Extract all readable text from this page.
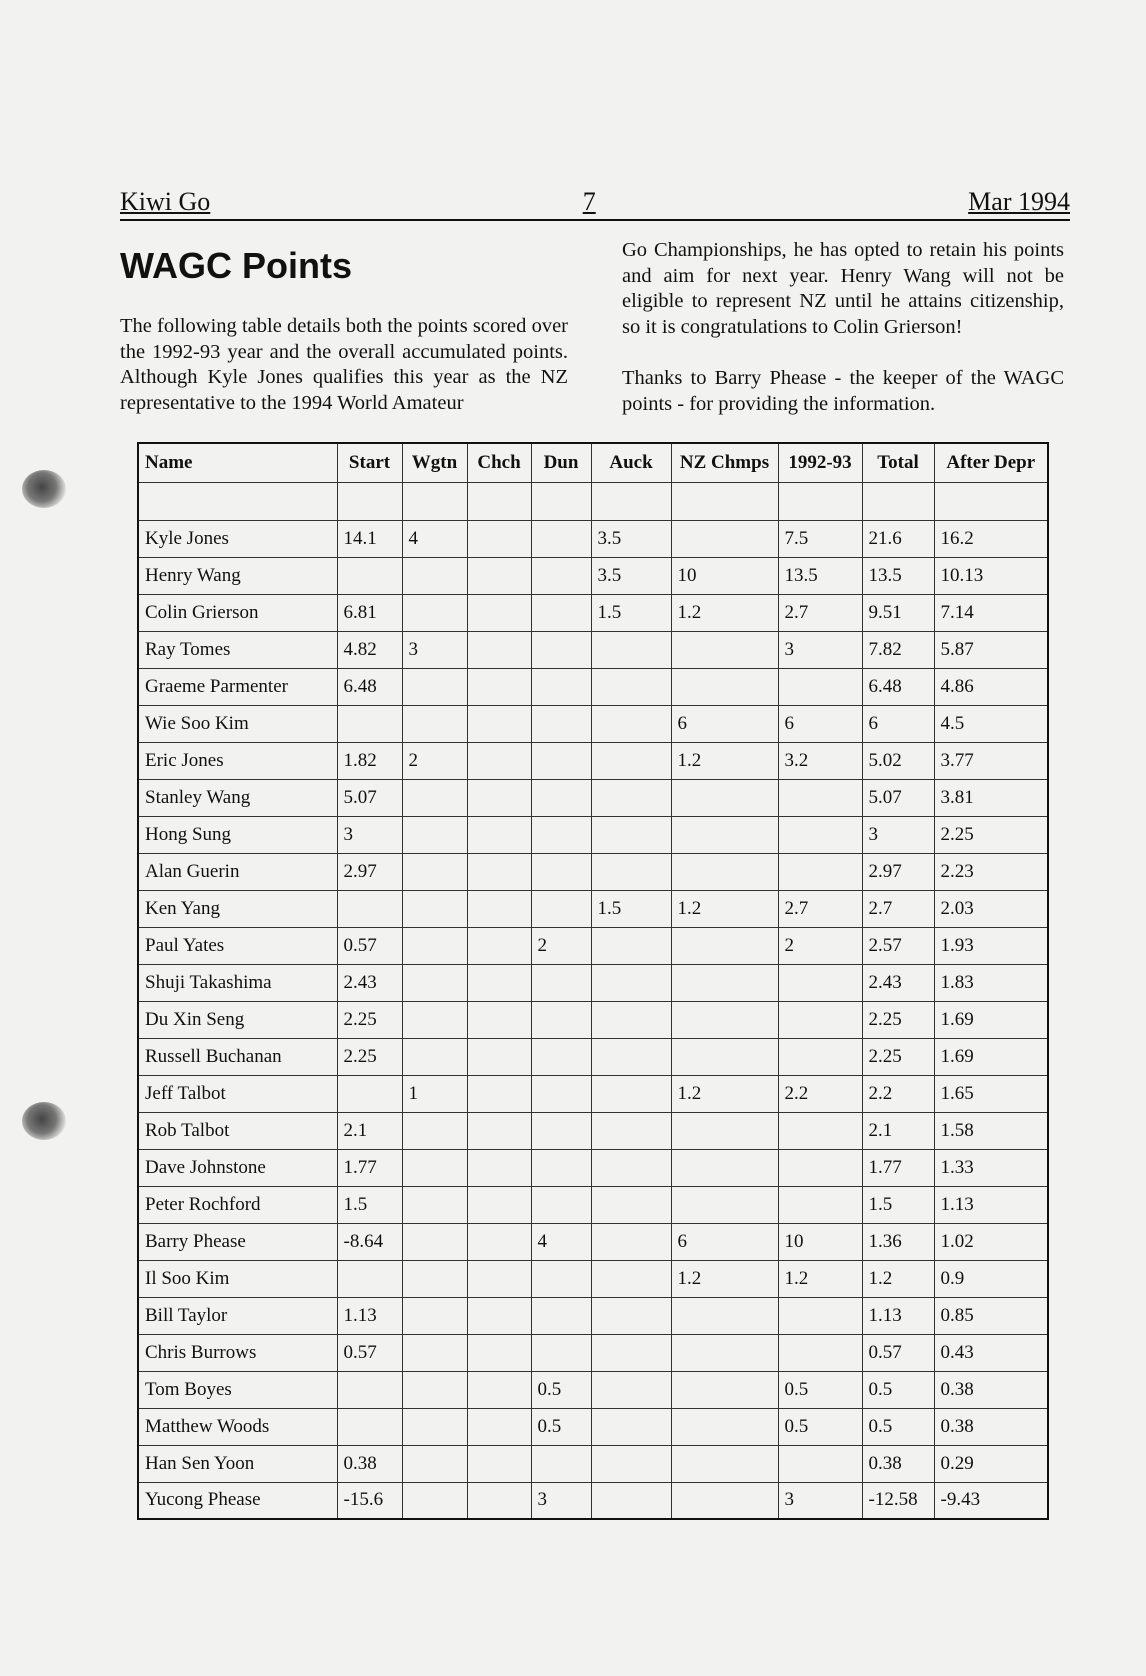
Kiwi Go	7	Mar 1994
WAGC Points
The following table details both the points scored over the 1992-93 year and the overall accumulated points. Although Kyle Jones qualifies this year as the NZ representative to the 1994 World Amateur
Go Championships, he has opted to retain his points and aim for next year. Henry Wang will not be eligible to represent NZ until he attains citizenship, so it is congratulations to Colin Grierson!
Thanks to Barry Phease - the keeper of the WAGC points - for providing the information.
Name	Start	Wgtn	Chch	Dun	Auck	NZ Chmps	1992-93	Total	After Depr

Kyle Jones	14.1	4			3.5		7.5	21.6	16.2
Henry Wang					3.5	10	13.5	13.5	10.13
Colin Grierson	6.81				1.5	1.2	2.7	9.51	7.14
Ray Tomes	4.82	3					3	7.82	5.87
Graeme Parmenter	6.48							6.48	4.86
Wie Soo Kim						6	6	6	4.5
Eric Jones	1.82	2				1.2	3.2	5.02	3.77
Stanley Wang	5.07							5.07	3.81
Hong Sung	3							3	2.25
Alan Guerin	2.97							2.97	2.23
Ken Yang					1.5	1.2	2.7	2.7	2.03
Paul Yates	0.57			2			2	2.57	1.93
Shuji Takashima	2.43							2.43	1.83
Du Xin Seng	2.25							2.25	1.69
Russell Buchanan	2.25							2.25	1.69
Jeff Talbot		1				1.2	2.2	2.2	1.65
Rob Talbot	2.1							2.1	1.58
Dave Johnstone	1.77							1.77	1.33
Peter Rochford	1.5							1.5	1.13
Barry Phease	-8.64			4		6	10	1.36	1.02
Il Soo Kim						1.2	1.2	1.2	0.9
Bill Taylor	1.13							1.13	0.85
Chris Burrows	0.57							0.57	0.43
Tom Boyes				0.5			0.5	0.5	0.38
Matthew Woods				0.5			0.5	0.5	0.38
Han Sen Yoon	0.38							0.38	0.29
Yucong Phease	-15.6			3			3	-12.58	-9.43
